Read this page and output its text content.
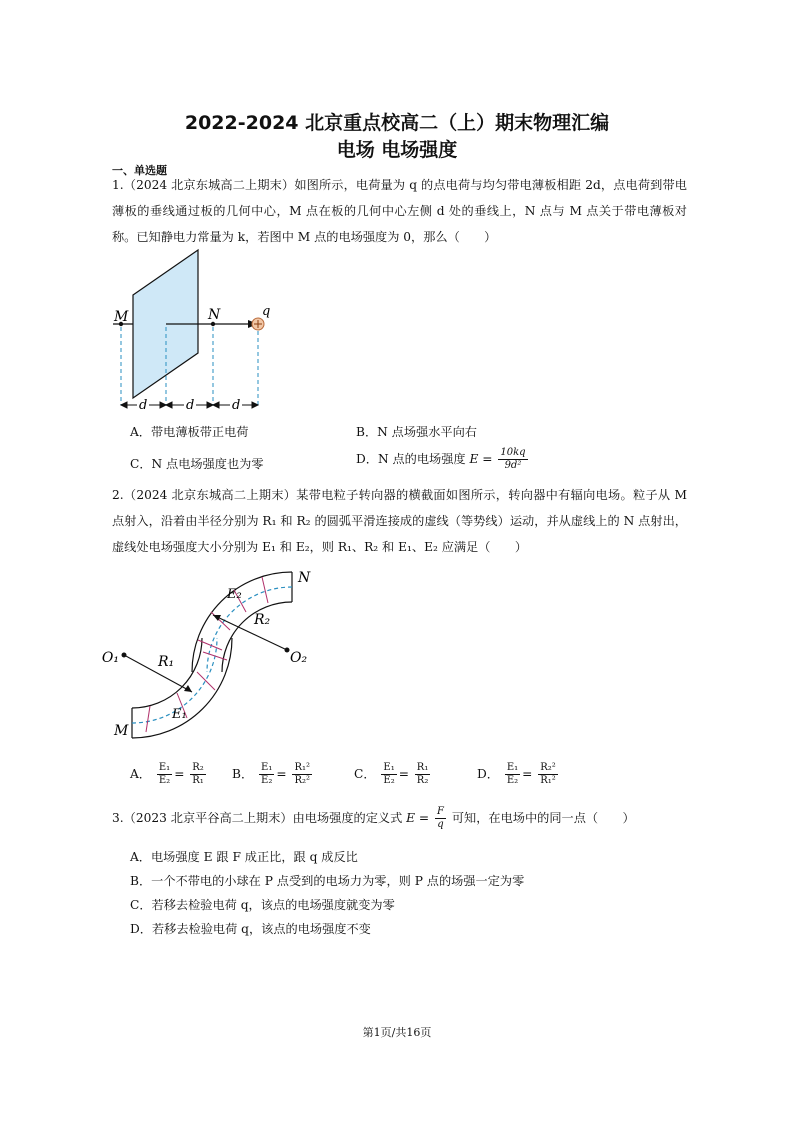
2022-2024 北京重点校高二（上）期末物理汇编
电场 电场强度
一、单选题
1.（2024 北京东城高二上期末）如图所示，电荷量为 q 的点电荷与均匀带电薄板相距 2d，点电荷到带电薄板的垂线通过板的几何中心，M 点在板的几何中心左侧 d 处的垂线上，N 点与 M 点关于带电薄板对称。已知静电力常量为 k，若图中 M 点的电场强度为 0，那么（　　）
M	N	q
d	d	d
A．带电薄板带正电荷	B．N 点场强水平向右
C．N 点电场强度也为零	D．N 点的电场强度 $E = \frac{10kq}{\text{9d²}}$
2.（2024 北京东城高二上期末）某带电粒子转向器的横截面如图所示，转向器中有辐向电场。粒子从 M 点射入，沿着由半径分别为 R₁ 和 R₂ 的圆弧平滑连接成的虚线（等势线）运动，并从虚线上的 N 点射出，虚线处电场强度大小分别为 E₁ 和 E₂，则 R₁、R₂ 和 E₁、E₂ 应满足（　　）
O₁	O₂
R₁
R₂
E₁
E₂
M
N
A． $\frac{\text{E₁}}{\text{E₂}} = \frac{\text{R₂}}{\text{R₁}}$ B． $\frac{\text{E₁}}{\text{E₂}} = \frac{\text{R₁²}}{\text{R₂²}}$	C． $\frac{\text{E₁}}{\text{E₂}} = \frac{\text{R₁}}{\text{R₂}}$	D． $\frac{\text{E₁}}{\text{E₂}} = \frac{\text{R₂²}}{\text{R₁²}}$
3.（2023 北京平谷高二上期末）由电场强度的定义式 $E = \frac{F}{q}$ 可知，在电场中的同一点（　　）
A．电场强度 E 跟 F 成正比，跟 q 成反比
B．一个不带电的小球在 P 点受到的电场力为零，则 P 点的场强一定为零
C．若移去检验电荷 q，该点的电场强度就变为零
D．若移去检验电荷 q，该点的电场强度不变
第1页/共16页
